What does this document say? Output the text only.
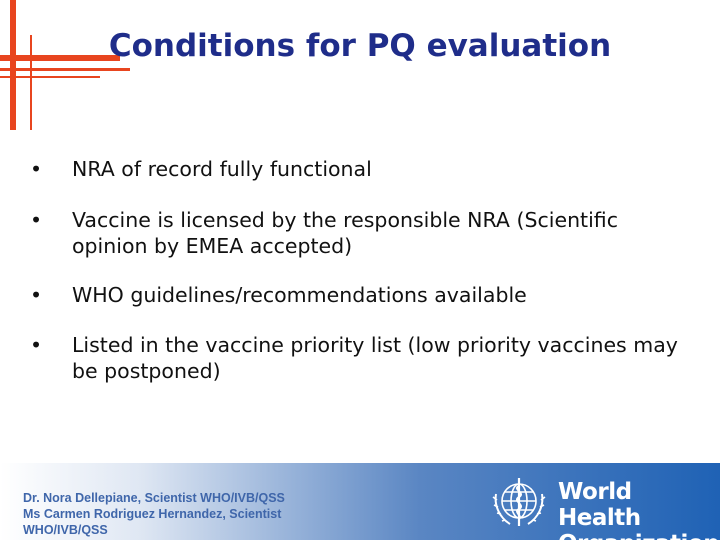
Conditions for PQ evaluation
•	NRA of record fully functional
•	Vaccine is licensed by the responsible NRA (Scientific opinion by EMEA accepted)
•	WHO guidelines/recommendations available
•	Listed in the vaccine priority list (low priority vaccines may be postponed)
Dr. Nora Dellepiane, Scientist WHO/IVB/QSS
Ms Carmen Rodriguez Hernandez, Scientist
WHO/IVB/QSS
World Health
Organization
